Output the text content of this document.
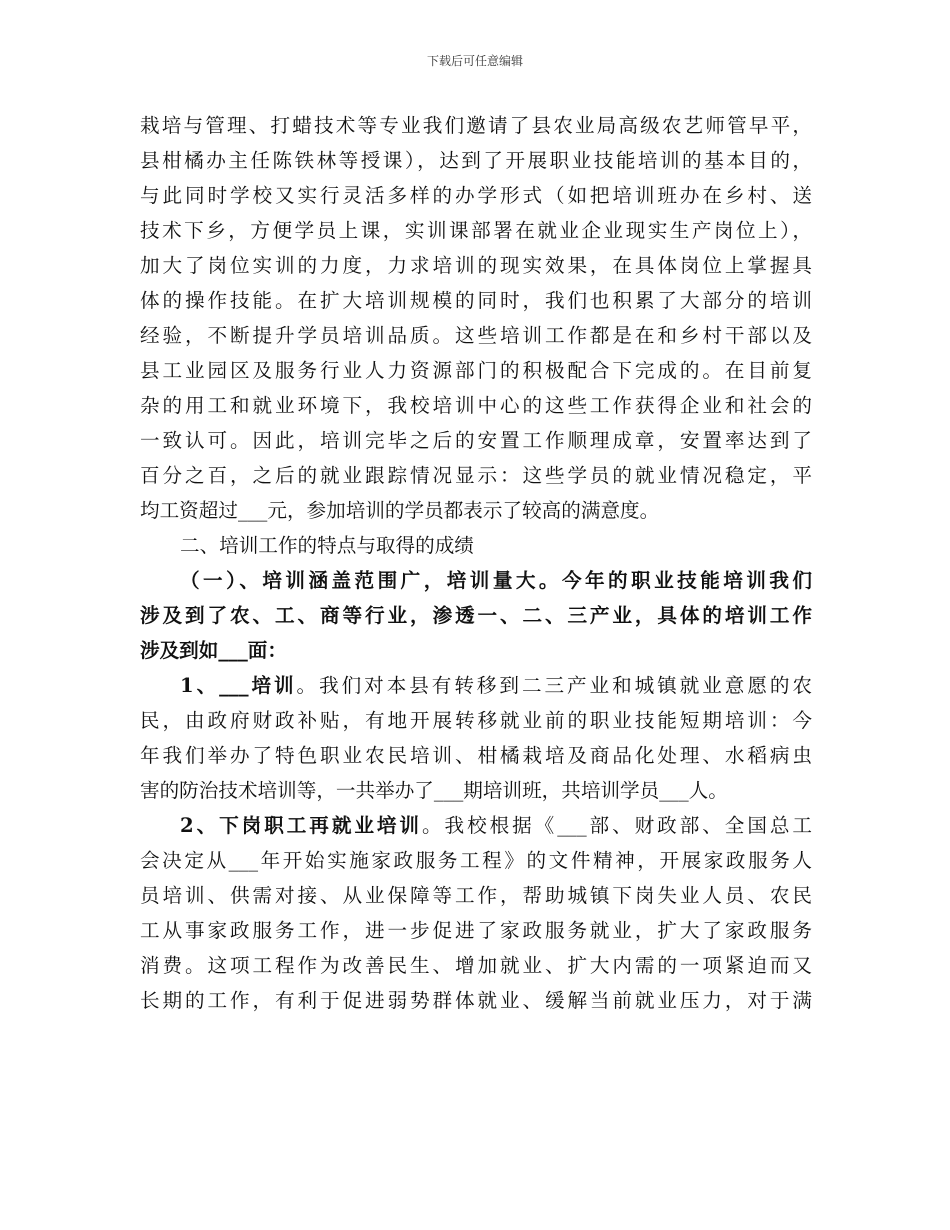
下载后可任意编辑
栽培与管理、打蜡技术等专业我们邀请了县农业局高级农艺师管早平，
县柑橘办主任陈铁林等授课），达到了开展职业技能培训的基本目的，
与此同时学校又实行灵活多样的办学形式（如把培训班办在乡村、送
技术下乡，方便学员上课，实训课部署在就业企业现实生产岗位上），
加大了岗位实训的力度，力求培训的现实效果，在具体岗位上掌握具
体的操作技能。在扩大培训规模的同时，我们也积累了大部分的培训
经验，不断提升学员培训品质。这些培训工作都是在和乡村干部以及
县工业园区及服务行业人力资源部门的积极配合下完成的。在目前复
杂的用工和就业环境下，我校培训中心的这些工作获得企业和社会的
一致认可。因此，培训完毕之后的安置工作顺理成章，安置率达到了
百分之百，之后的就业跟踪情况显示：这些学员的就业情况稳定，平
均工资超过___元，参加培训的学员都表示了较高的满意度。
二、培训工作的特点与取得的成绩
（一）、培训涵盖范围广，培训量大。今年的职业技能培训我们
涉及到了农、工、商等行业，渗透一、二、三产业，具体的培训工作
涉及到如___面：
1、___培训。我们对本县有转移到二三产业和城镇就业意愿的农
民，由政府财政补贴，有地开展转移就业前的职业技能短期培训：今
年我们举办了特色职业农民培训、柑橘栽培及商品化处理、水稻病虫
害的防治技术培训等，一共举办了___期培训班，共培训学员___人。
2、下岗职工再就业培训。我校根据《___部、财政部、全国总工
会决定从___年开始实施家政服务工程》的文件精神，开展家政服务人
员培训、供需对接、从业保障等工作，帮助城镇下岗失业人员、农民
工从事家政服务工作，进一步促进了家政服务就业，扩大了家政服务
消费。这项工程作为改善民生、增加就业、扩大内需的一项紧迫而又
长期的工作，有利于促进弱势群体就业、缓解当前就业压力，对于满
